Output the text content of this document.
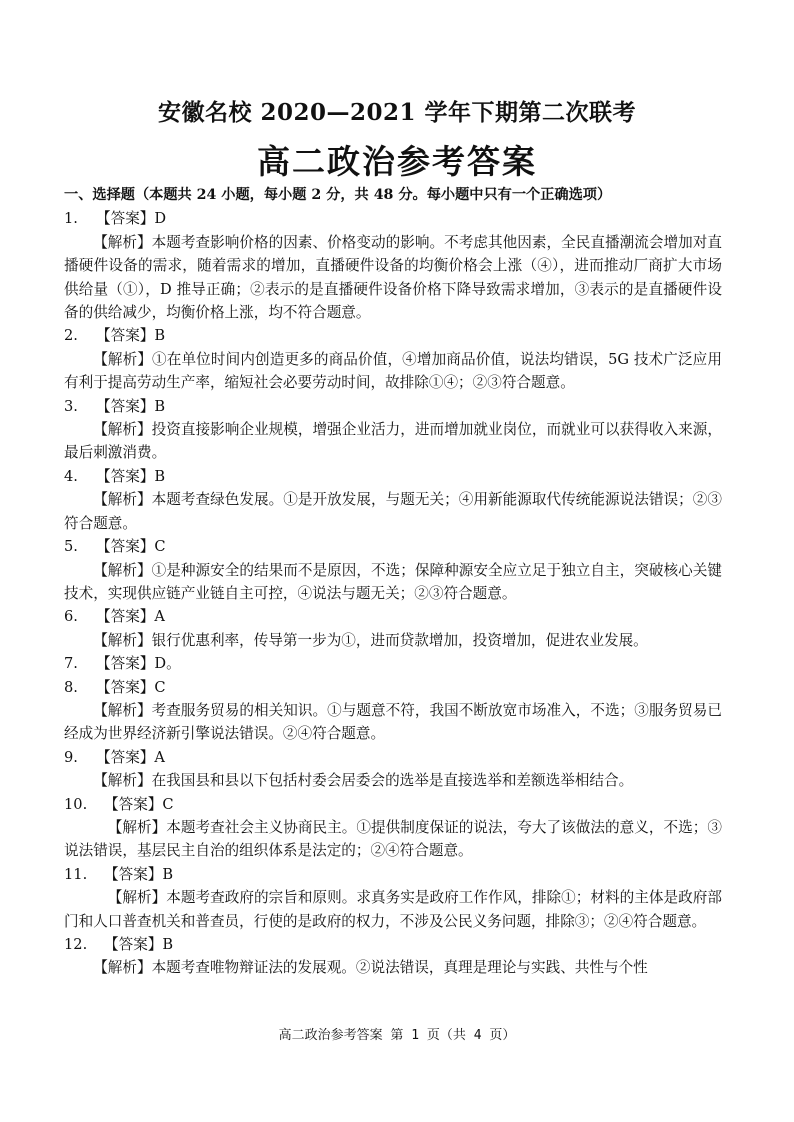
安徽名校 2020—2021 学年下期第二次联考
高二政治参考答案
一、选择题（本题共 24 小题，每小题 2 分，共 48 分。每小题中只有一个正确选项）
1. 【答案】D
【解析】本题考查影响价格的因素、价格变动的影响。不考虑其他因素，全民直播潮流会增加对直播硬件设备的需求，随着需求的增加，直播硬件设备的均衡价格会上涨（④），进而推动厂商扩大市场供给量（①），D 推导正确；②表示的是直播硬件设备价格下降导致需求增加，③表示的是直播硬件设备的供给减少，均衡价格上涨，均不符合题意。
2. 【答案】B
【解析】①在单位时间内创造更多的商品价值，④增加商品价值，说法均错误，5G 技术广泛应用有利于提高劳动生产率，缩短社会必要劳动时间，故排除①④；②③符合题意。
3. 【答案】B
【解析】投资直接影响企业规模，增强企业活力，进而增加就业岗位，而就业可以获得收入来源，最后刺激消费。
4. 【答案】B
【解析】本题考查绿色发展。①是开放发展，与题无关；④用新能源取代传统能源说法错误；②③符合题意。
5. 【答案】C
【解析】①是种源安全的结果而不是原因，不选；保障种源安全应立足于独立自主，突破核心关键技术，实现供应链产业链自主可控，④说法与题无关；②③符合题意。
6. 【答案】A
【解析】银行优惠利率，传导第一步为①，进而贷款增加，投资增加，促进农业发展。
7. 【答案】D。
8. 【答案】C
【解析】考查服务贸易的相关知识。①与题意不符，我国不断放宽市场准入，不选；③服务贸易已经成为世界经济新引擎说法错误。②④符合题意。
9. 【答案】A
【解析】在我国县和县以下包括村委会居委会的选举是直接选举和差额选举相结合。
10. 【答案】C
【解析】本题考查社会主义协商民主。①提供制度保证的说法，夸大了该做法的意义，不选；③说法错误，基层民主自治的组织体系是法定的；②④符合题意。
11. 【答案】B
【解析】本题考查政府的宗旨和原则。求真务实是政府工作作风，排除①；材料的主体是政府部门和人口普查机关和普查员，行使的是政府的权力，不涉及公民义务问题，排除③；②④符合题意。
12. 【答案】B
【解析】本题考查唯物辩证法的发展观。②说法错误，真理是理论与实践、共性与个性
高二政治参考答案 第 1 页（共 4 页）
